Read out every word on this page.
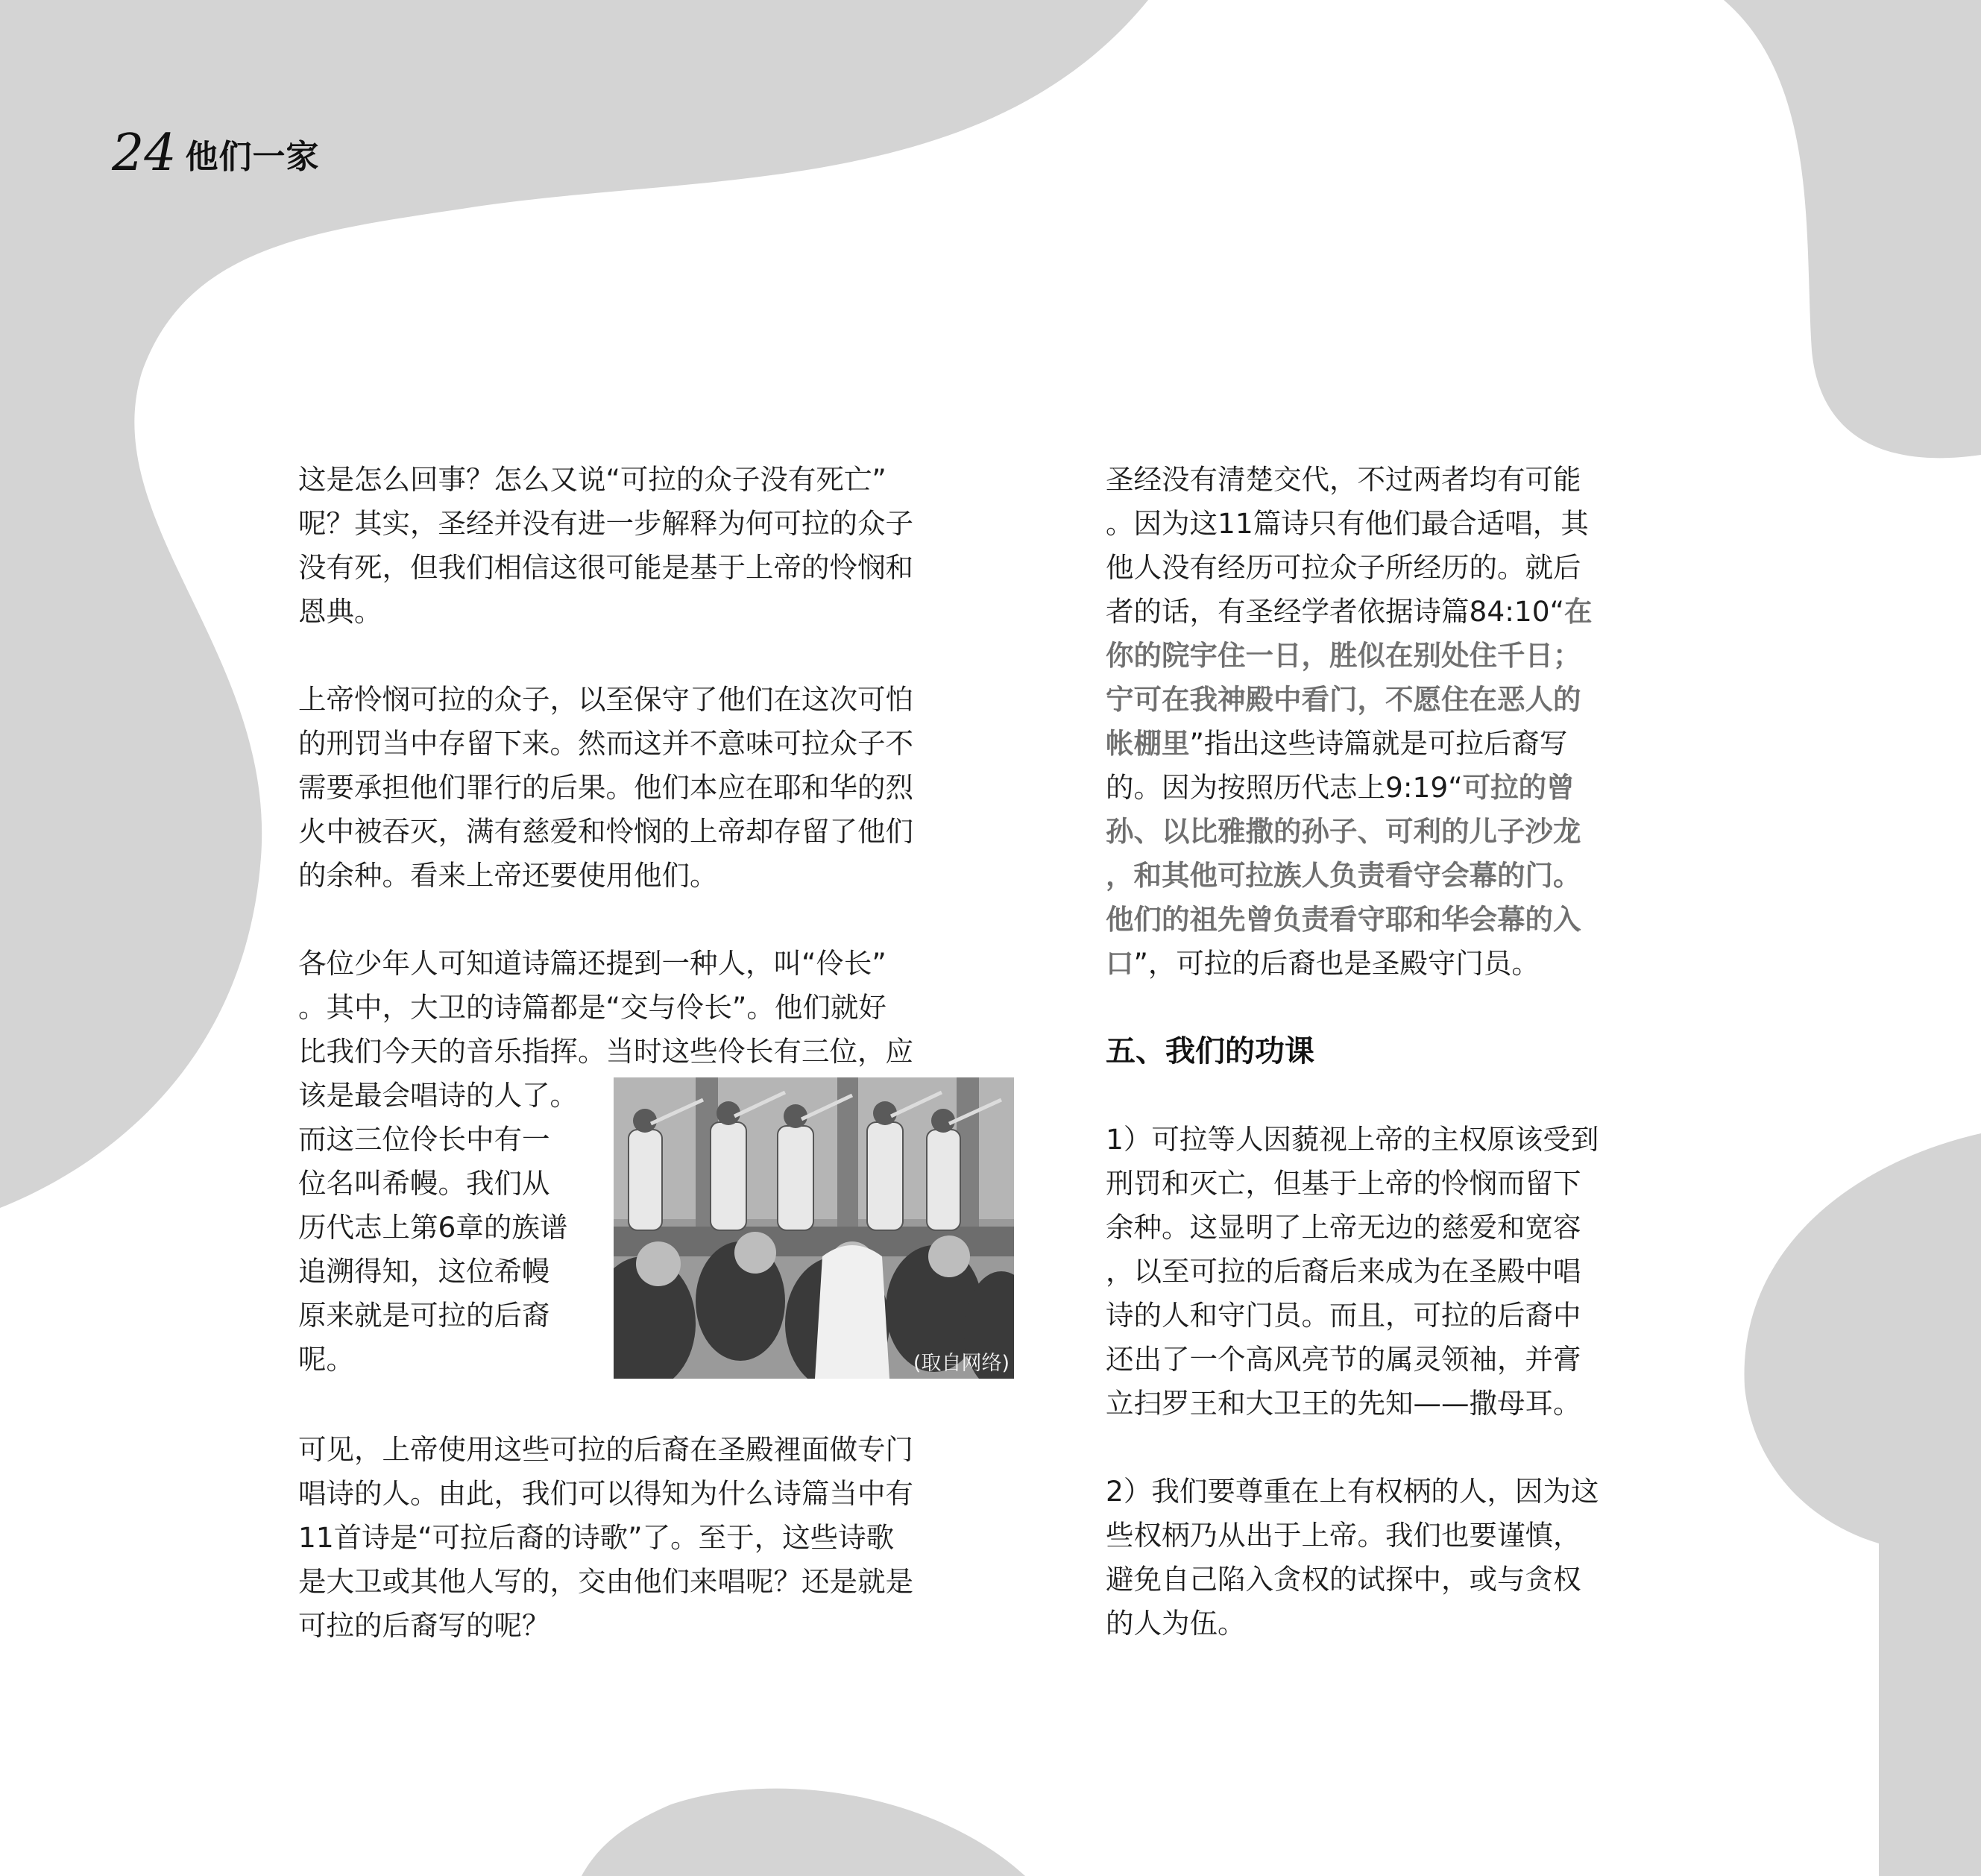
24 他们一家

这是怎么回事？怎么又说“可拉的众子没有死亡”
呢？其实，圣经并没有进一步解释为何可拉的众子
没有死，但我们相信这很可能是基于上帝的怜悯和
恩典。

上帝怜悯可拉的众子，以至保守了他们在这次可怕
的刑罚当中存留下来。然而这并不意味可拉众子不
需要承担他们罪行的后果。他们本应在耶和华的烈
火中被吞灭，满有慈爱和怜悯的上帝却存留了他们
的余种。看来上帝还要使用他们。

各位少年人可知道诗篇还提到一种人，叫“伶长”
。其中，大卫的诗篇都是“交与伶长”。他们就好
比我们今天的音乐指挥。当时这些伶长有三位，应

该是最会唱诗的人了。
而这三位伶长中有一
位名叫希幔。我们从
历代志上第6章的族谱
追溯得知，这位希幔
原来就是可拉的后裔
呢。	(取自网络)

可见，上帝使用这些可拉的后裔在圣殿裡面做专门
唱诗的人。由此，我们可以得知为什么诗篇当中有
11首诗是“可拉后裔的诗歌”了。至于，这些诗歌
是大卫或其他人写的，交由他们来唱呢？还是就是
可拉的后裔写的呢？

圣经没有清楚交代，不过两者均有可能
。因为这11篇诗只有他们最合适唱，其
他人没有经历可拉众子所经历的。就后
者的话，有圣经学者依据诗篇84:10“在
你的院宇住一日，胜似在别处住千日；
宁可在我神殿中看门，不愿住在恶人的
帐棚里”指出这些诗篇就是可拉后裔写
的。因为按照历代志上9:19“可拉的曾
孙、以比雅撒的孙子、可利的儿子沙龙
，和其他可拉族人负责看守会幕的门。
他们的祖先曾负责看守耶和华会幕的入
口”，可拉的后裔也是圣殿守门员。

五、我们的功课

1）可拉等人因藐视上帝的主权原该受到
刑罚和灭亡，但基于上帝的怜悯而留下
余种。这显明了上帝无边的慈爱和宽容
，以至可拉的后裔后来成为在圣殿中唱
诗的人和守门员。而且，可拉的后裔中
还出了一个高风亮节的属灵领袖，并膏
立扫罗王和大卫王的先知——撒母耳。

2）我们要尊重在上有权柄的人，因为这
些权柄乃从出于上帝。我们也要谨慎，
避免自己陷入贪权的试探中，或与贪权
的人为伍。
